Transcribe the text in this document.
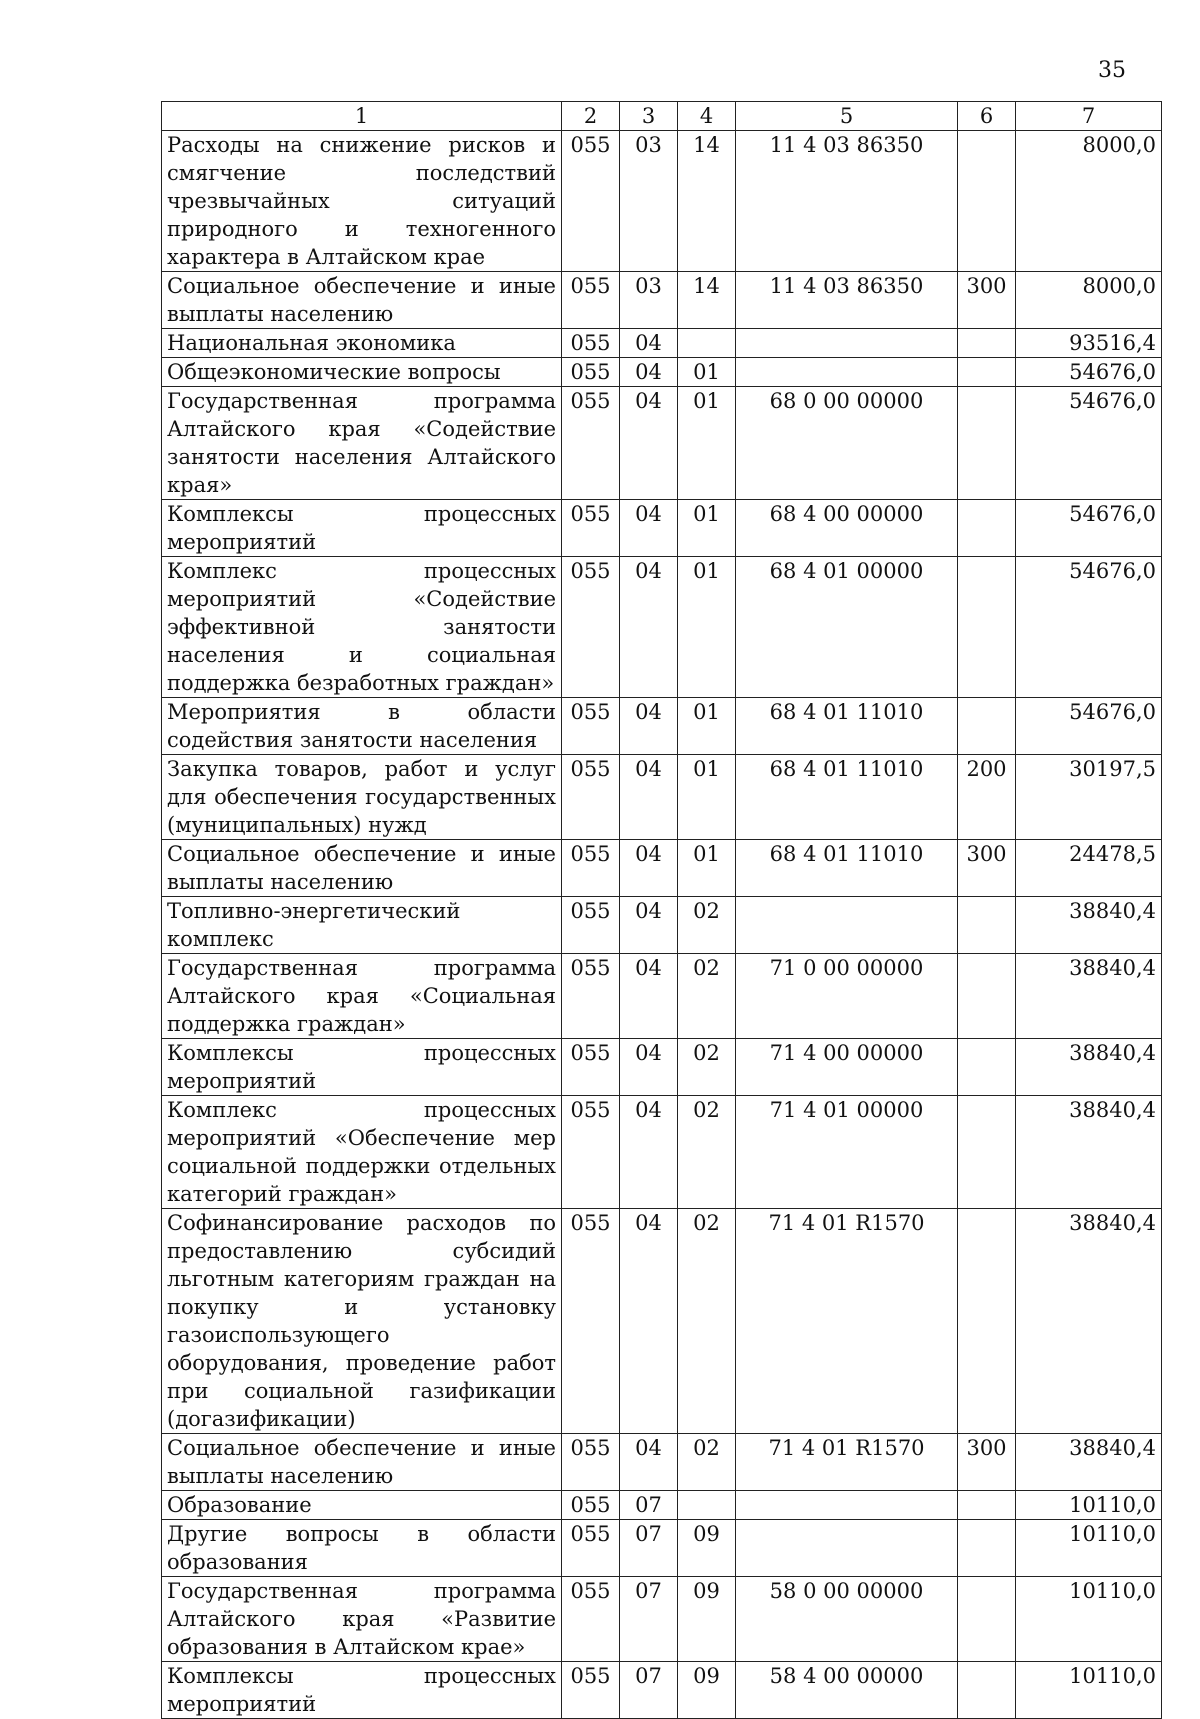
35
1	2	3	4	5	6	7
Расходы на снижение рисков и смягчение последствий чрезвычайных ситуаций природного и техногенного характера в Алтайском крае	055	03	14	11 4 03 86350		8000,0
Социальное обеспечение и иные выплаты населению	055	03	14	11 4 03 86350	300	8000,0
Национальная экономика	055	04				93516,4
Общеэкономические вопросы	055	04	01			54676,0
Государственная программа Алтайского края «Содействие занятости населения Алтайского края»	055	04	01	68 0 00 00000		54676,0
Комплексы процессных мероприятий	055	04	01	68 4 00 00000		54676,0
Комплекс процессных мероприятий «Содействие эффективной занятости населения и социальная поддержка безработных граждан»	055	04	01	68 4 01 00000		54676,0
Мероприятия в области содействия занятости населения	055	04	01	68 4 01 11010		54676,0
Закупка товаров, работ и услуг для обеспечения государственных (муниципальных) нужд	055	04	01	68 4 01 11010	200	30197,5
Социальное обеспечение и иные выплаты населению	055	04	01	68 4 01 11010	300	24478,5
Топливно-энергетический комплекс	055	04	02			38840,4
Государственная программа Алтайского края «Социальная поддержка граждан»	055	04	02	71 0 00 00000		38840,4
Комплексы процессных мероприятий	055	04	02	71 4 00 00000		38840,4
Комплекс процессных мероприятий «Обеспечение мер социальной поддержки отдельных категорий граждан»	055	04	02	71 4 01 00000		38840,4
Софинансирование расходов по предоставлению субсидий льготным категориям граждан на покупку и установку газоиспользующего оборудования, проведение работ при социальной газификации (догазификации)	055	04	02	71 4 01 R1570		38840,4
Социальное обеспечение и иные выплаты населению	055	04	02	71 4 01 R1570	300	38840,4
Образование	055	07				10110,0
Другие вопросы в области образования	055	07	09			10110,0
Государственная программа Алтайского края «Развитие образования в Алтайском крае»	055	07	09	58 0 00 00000		10110,0
Комплексы процессных мероприятий	055	07	09	58 4 00 00000		10110,0
